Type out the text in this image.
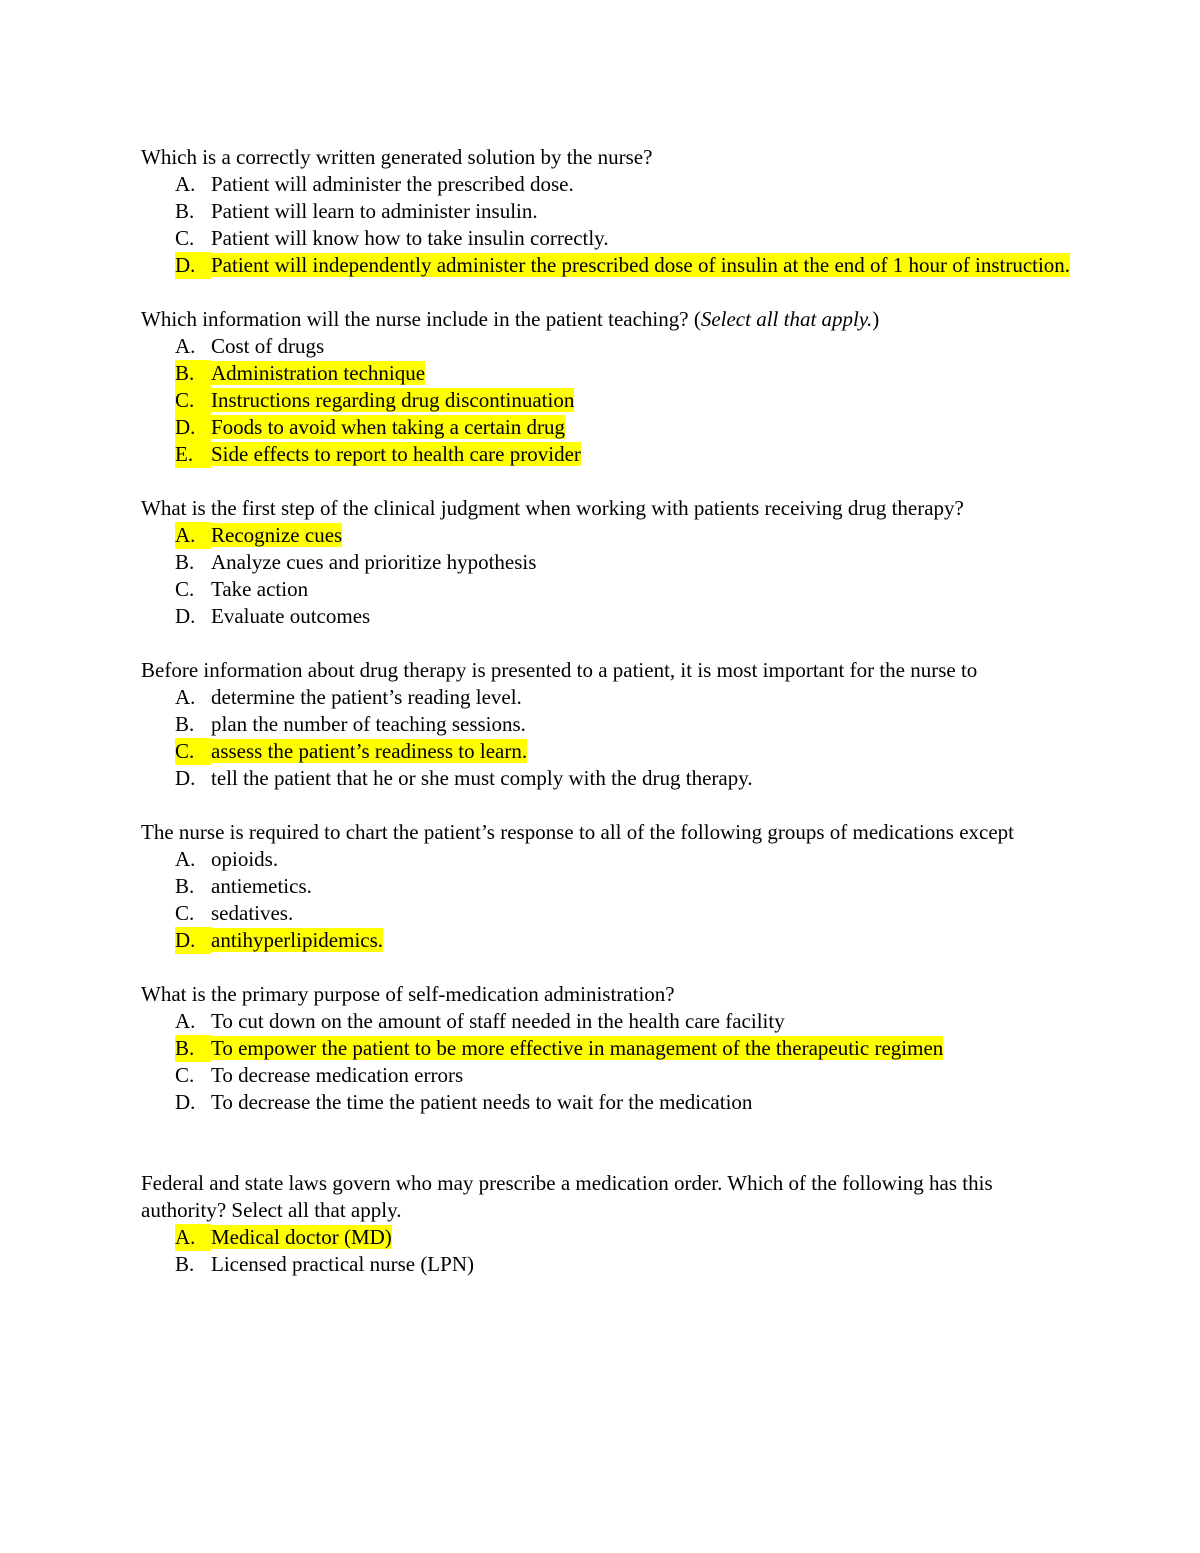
Which is a correctly written generated solution by the nurse?

A. Patient will administer the prescribed dose.
B. Patient will learn to administer insulin.
C. Patient will know how to take insulin correctly.
D. Patient will independently administer the prescribed dose of insulin at the end of 1 hour of instruction.

Which information will the nurse include in the patient teaching? (Select all that apply.)

A. Cost of drugs
B. Administration technique
C. Instructions regarding drug discontinuation
D. Foods to avoid when taking a certain drug
E. Side effects to report to health care provider

What is the first step of the clinical judgment when working with patients receiving drug therapy?

A. Recognize cues
B. Analyze cues and prioritize hypothesis
C. Take action
D. Evaluate outcomes

Before information about drug therapy is presented to a patient, it is most important for the nurse to

A. determine the patient’s reading level.
B. plan the number of teaching sessions.
C. assess the patient’s readiness to learn.
D. tell the patient that he or she must comply with the drug therapy.

The nurse is required to chart the patient’s response to all of the following groups of medications except

A. opioids.
B. antiemetics.
C. sedatives.
D. antihyperlipidemics.

What is the primary purpose of self-medication administration?

A. To cut down on the amount of staff needed in the health care facility
B. To empower the patient to be more effective in management of the therapeutic regimen
C. To decrease medication errors
D. To decrease the time the patient needs to wait for the medication

Federal and state laws govern who may prescribe a medication order. Which of the following has this authority? Select all that apply.

A. Medical doctor (MD)
B. Licensed practical nurse (LPN)
